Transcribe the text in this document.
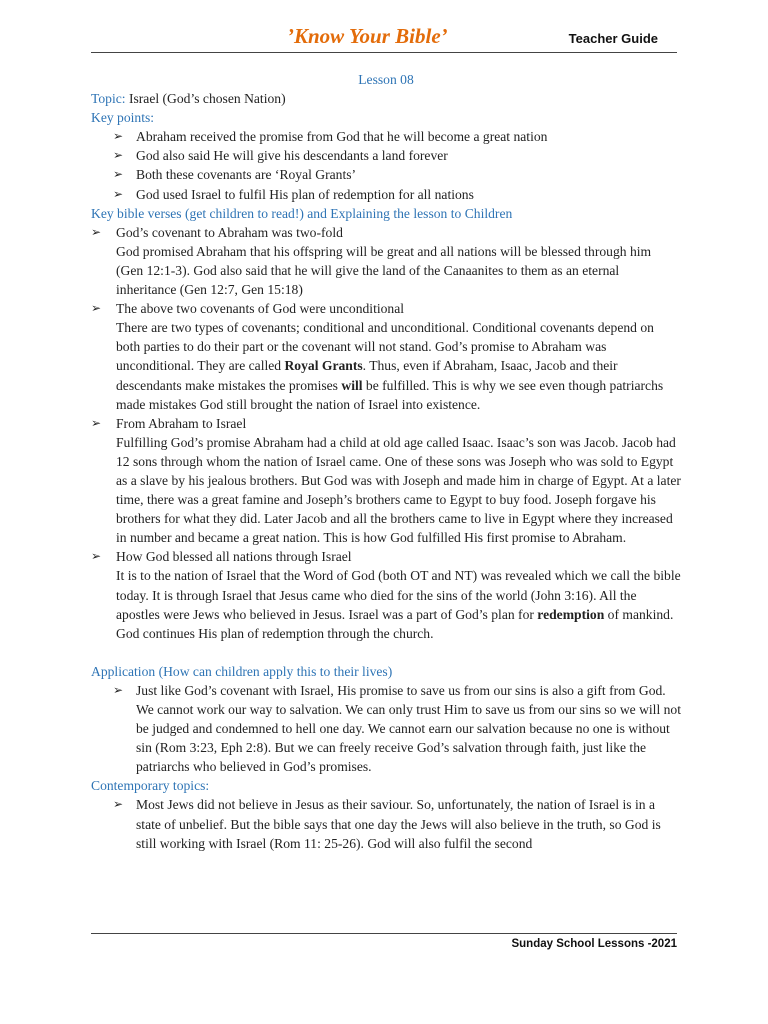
’Know Your Bible’	Teacher Guide

Lesson 08

Topic: Israel (God’s chosen Nation)

Key points:

➢ Abraham received the promise from God that he will become a great nation
➢ God also said He will give his descendants a land forever
➢ Both these covenants are ‘Royal Grants’
➢ God used Israel to fulfil His plan of redemption for all nations

Key bible verses (get children to read!) and Explaining the lesson to Children

➢ God’s covenant to Abraham was two-fold

God promised Abraham that his offspring will be great and all nations will be blessed through him (Gen 12:1-3). God also said that he will give the land of the Canaanites to them as an eternal inheritance (Gen 12:7, Gen 15:18)

➢ The above two covenants of God were unconditional

There are two types of covenants; conditional and unconditional. Conditional covenants depend on both parties to do their part or the covenant will not stand. God’s promise to Abraham was unconditional. They are called Royal Grants. Thus, even if Abraham, Isaac, Jacob and their descendants make mistakes the promises will be fulfilled. This is why we see even though patriarchs made mistakes God still brought the nation of Israel into existence.

➢ From Abraham to Israel

Fulfilling God’s promise Abraham had a child at old age called Isaac. Isaac’s son was Jacob. Jacob had 12 sons through whom the nation of Israel came. One of these sons was Joseph who was sold to Egypt as a slave by his jealous brothers. But God was with Joseph and made him in charge of Egypt. At a later time, there was a great famine and Joseph’s brothers came to Egypt to buy food. Joseph forgave his brothers for what they did. Later Jacob and all the brothers came to live in Egypt where they increased in number and became a great nation. This is how God fulfilled His first promise to Abraham.

➢ How God blessed all nations through Israel

It is to the nation of Israel that the Word of God (both OT and NT) was revealed which we call the bible today. It is through Israel that Jesus came who died for the sins of the world (John 3:16). All the apostles were Jews who believed in Jesus. Israel was a part of God’s plan for redemption of mankind. God continues His plan of redemption through the church.

Application (How can children apply this to their lives)

➢ Just like God’s covenant with Israel, His promise to save us from our sins is also a gift from God. We cannot work our way to salvation. We can only trust Him to save us from our sins so we will not be judged and condemned to hell one day. We cannot earn our salvation because no one is without sin (Rom 3:23, Eph 2:8). But we can freely receive God’s salvation through faith, just like the patriarchs who believed in God’s promises.

Contemporary topics:

➢ Most Jews did not believe in Jesus as their saviour. So, unfortunately, the nation of Israel is in a state of unbelief. But the bible says that one day the Jews will also believe in the truth, so God is still working with Israel (Rom 11: 25-26). God will also fulfil the second
Sunday School Lessons -2021
